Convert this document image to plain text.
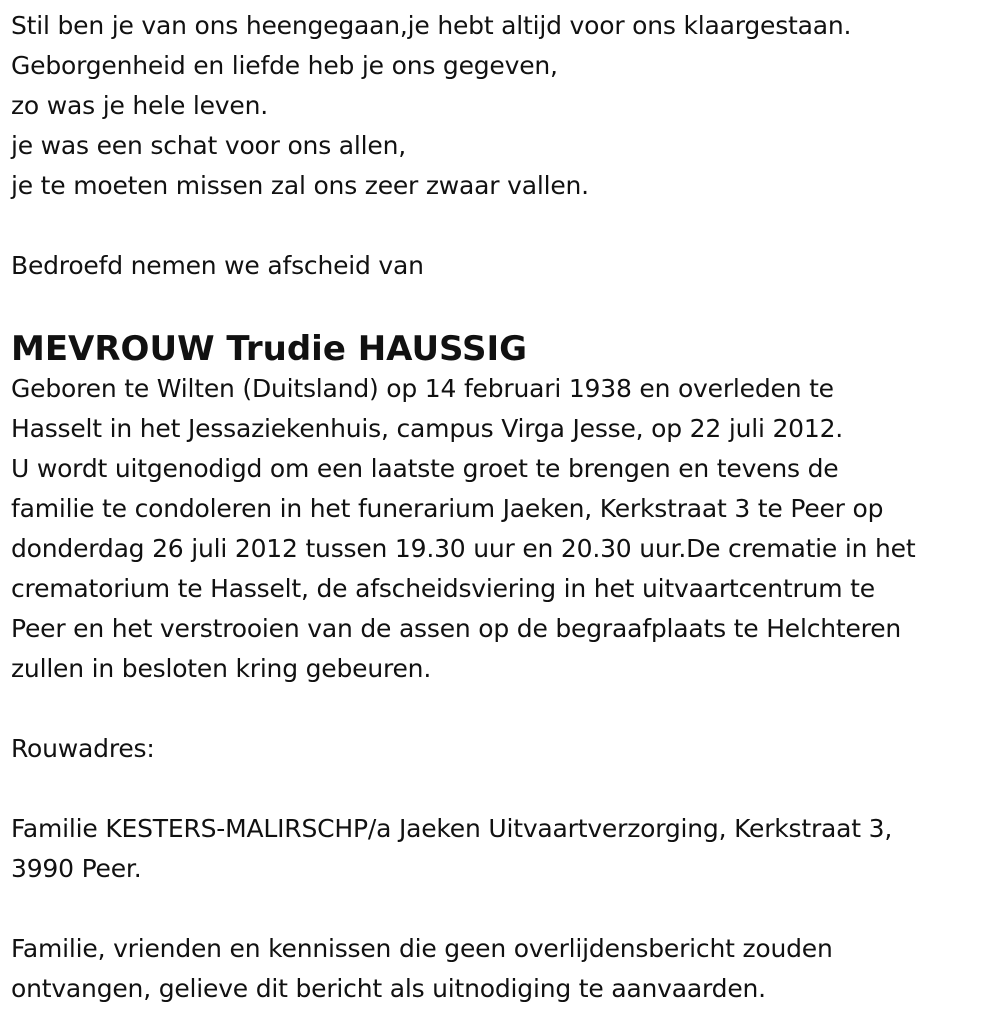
Stil ben je van ons heengegaan,je hebt altijd voor ons klaargestaan.
Geborgenheid en liefde heb je ons gegeven,
zo was je hele leven.
je was een schat voor ons allen,
je te moeten missen zal ons zeer zwaar vallen.
Bedroefd nemen we afscheid van
MEVROUW Trudie HAUSSIG
Geboren te Wilten (Duitsland) op 14 februari 1938 en overleden te
Hasselt in het Jessaziekenhuis, campus Virga Jesse, op 22 juli 2012.
U wordt uitgenodigd om een laatste groet te brengen en tevens de
familie te condoleren in het funerarium Jaeken, Kerkstraat 3 te Peer op
donderdag 26 juli 2012 tussen 19.30 uur en 20.30 uur.De crematie in het
crematorium te Hasselt, de afscheidsviering in het uitvaartcentrum te
Peer en het verstrooien van de assen op de begraafplaats te Helchteren
zullen in besloten kring gebeuren.
Rouwadres:
Familie KESTERS-MALIRSCHP/a Jaeken Uitvaartverzorging, Kerkstraat 3,
3990 Peer.
Familie, vrienden en kennissen die geen overlijdensbericht zouden
ontvangen, gelieve dit bericht als uitnodiging te aanvaarden.
